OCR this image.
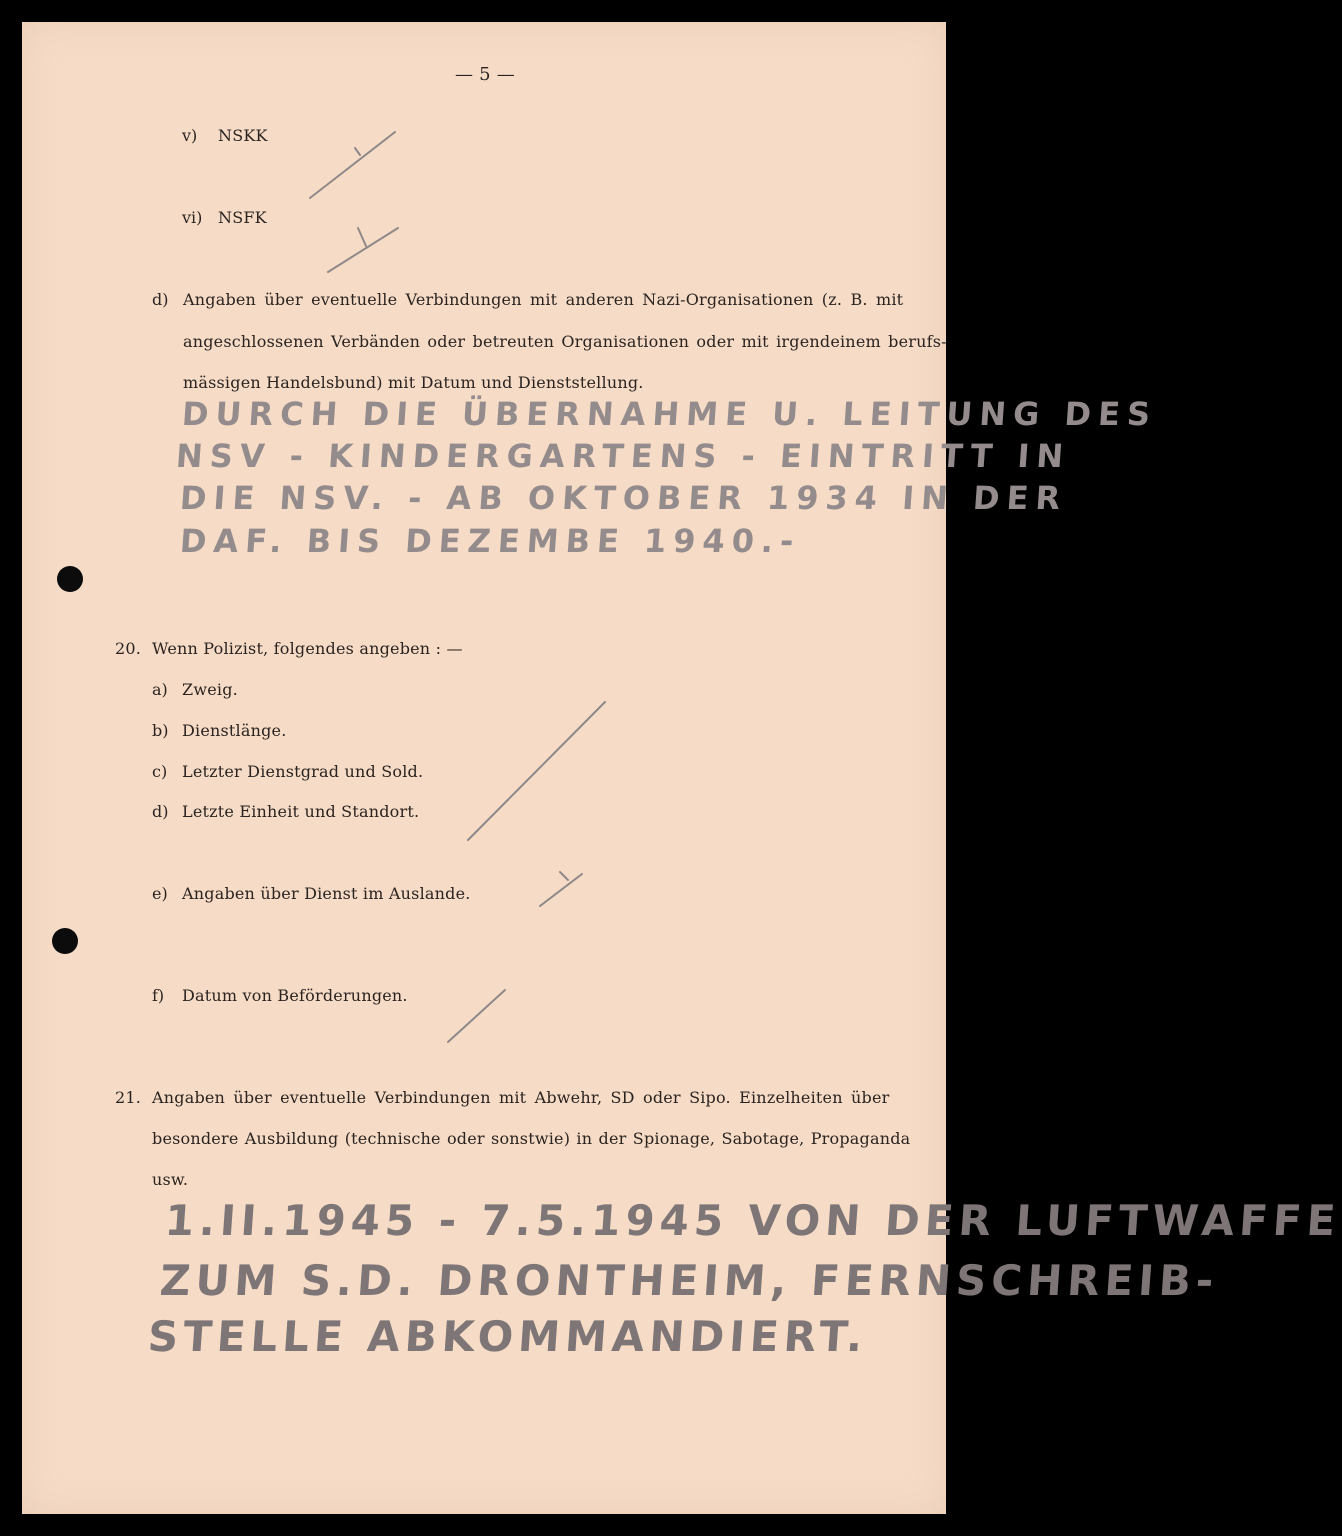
— 5 —
v) NSKK
vi) NSFK
d) Angaben über eventuelle Verbindungen mit anderen Nazi-Organisationen (z. B. mit
angeschlossenen Verbänden oder betreuten Organisationen oder mit irgendeinem berufs-
mässigen Handelsbund) mit Datum und Dienststellung.
DURCH DIE ÜBERNAHME U. LEITUNG DES
NSV - KINDERGARTENS - EINTRITT IN
DIE NSV. - AB OKTOBER 1934 IN DER
DAF. BIS DEZEMBE 1940.-
20. Wenn Polizist, folgendes angeben : —
a) Zweig.
b) Dienstlänge.
c) Letzter Dienstgrad und Sold.
d) Letzte Einheit und Standort.
e) Angaben über Dienst im Auslande.
f) Datum von Beförderungen.
21. Angaben über eventuelle Verbindungen mit Abwehr, SD oder Sipo. Einzelheiten über
besondere Ausbildung (technische oder sonstwie) in der Spionage, Sabotage, Propaganda
usw.
1.II.1945 - 7.5.1945 VON DER LUFTWAFFE
ZUM S.D. DRONTHEIM, FERNSCHREIB-
STELLE ABKOMMANDIERT.
